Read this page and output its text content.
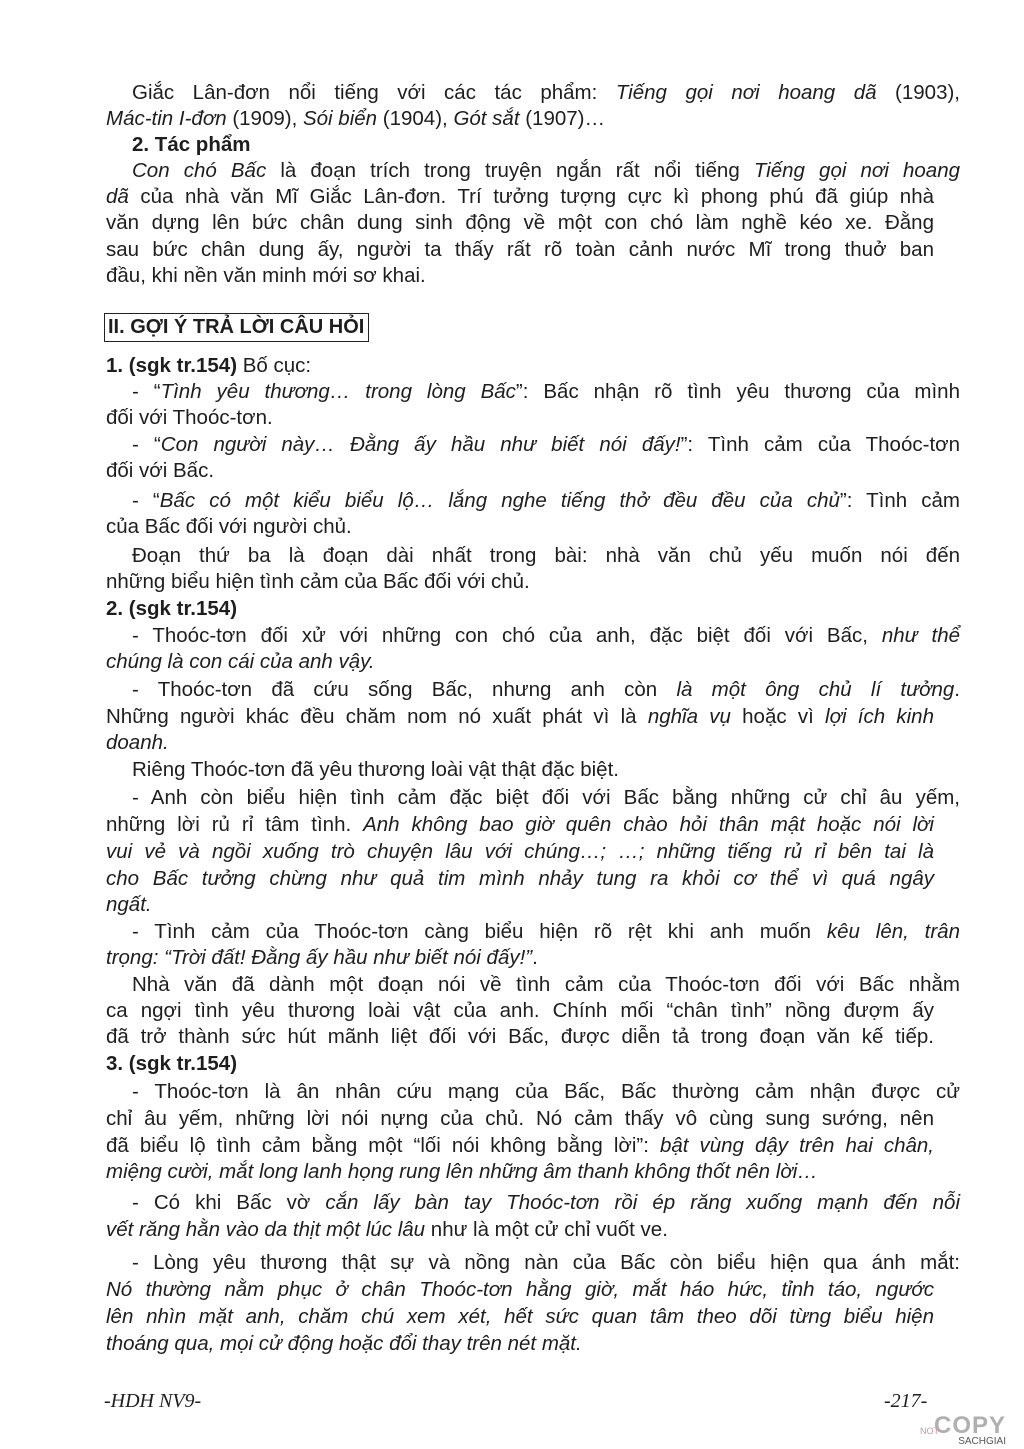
Giắc Lân-đơn nổi tiếng với các tác phẩm: Tiếng gọi nơi hoang dã (1903),
Mác-tin I-đơn (1909), Sói biển (1904), Gót sắt (1907)…
2. Tác phẩm
Con chó Bấc là đoạn trích trong truyện ngắn rất nổi tiếng Tiếng gọi nơi hoang
dã của nhà văn Mĩ Giắc Lân-đơn. Trí tưởng tượng cực kì phong phú đã giúp nhà
văn dựng lên bức chân dung sinh động về một con chó làm nghề kéo xe. Đằng
sau bức chân dung ấy, người ta thấy rất rõ toàn cảnh nước Mĩ trong thuở ban
đầu, khi nền văn minh mới sơ khai.
II. GỢI Ý TRẢ LỜI CÂU HỎI
1. (sgk tr.154) Bố cục:
- “Tình yêu thương… trong lòng Bấc”: Bấc nhận rõ tình yêu thương của mình
đối với Thoóc-tơn.
- “Con người này… Đằng ấy hầu như biết nói đấy!”: Tình cảm của Thoóc-tơn
đối với Bấc.
- “Bấc có một kiểu biểu lộ… lắng nghe tiếng thở đều đều của chủ”: Tình cảm
của Bấc đối với người chủ.
Đoạn thứ ba là đoạn dài nhất trong bài: nhà văn chủ yếu muốn nói đến
những biểu hiện tình cảm của Bấc đối với chủ.
2. (sgk tr.154)
- Thoóc-tơn đối xử với những con chó của anh, đặc biệt đối với Bấc, như thể
chúng là con cái của anh vậy.
- Thoóc-tơn đã cứu sống Bấc, nhưng anh còn là một ông chủ lí tưởng.
Những người khác đều chăm nom nó xuất phát vì là nghĩa vụ hoặc vì lợi ích kinh
doanh.
Riêng Thoóc-tơn đã yêu thương loài vật thật đặc biệt.
- Anh còn biểu hiện tình cảm đặc biệt đối với Bấc bằng những cử chỉ âu yếm,
những lời rủ rỉ tâm tình. Anh không bao giờ quên chào hỏi thân mật hoặc nói lời
vui vẻ và ngồi xuống trò chuyện lâu với chúng…; …; những tiếng rủ rỉ bên tai là
cho Bấc tưởng chừng như quả tim mình nhảy tung ra khỏi cơ thể vì quá ngây
ngất.
- Tình cảm của Thoóc-tơn càng biểu hiện rõ rệt khi anh muốn kêu lên, trân
trọng: “Trời đất! Đằng ấy hầu như biết nói đấy!”.
Nhà văn đã dành một đoạn nói về tình cảm của Thoóc-tơn đối với Bấc nhằm
ca ngợi tình yêu thương loài vật của anh. Chính mối “chân tình” nồng đượm ấy
đã trở thành sức hút mãnh liệt đối với Bấc, được diễn tả trong đoạn văn kế tiếp.
3. (sgk tr.154)
- Thoóc-tơn là ân nhân cứu mạng của Bấc, Bấc thường cảm nhận được cử
chỉ âu yếm, những lời nói nựng của chủ. Nó cảm thấy vô cùng sung sướng, nên
đã biểu lộ tình cảm bằng một “lối nói không bằng lời”: bật vùng dậy trên hai chân,
miệng cười, mắt long lanh họng rung lên những âm thanh không thốt nên lời…
- Có khi Bấc vờ cắn lấy bàn tay Thoóc-tơn rồi ép răng xuống mạnh đến nỗi
vết răng hằn vào da thịt một lúc lâu như là một cử chỉ vuốt ve.
- Lòng yêu thương thật sự và nồng nàn của Bấc còn biểu hiện qua ánh mắt:
Nó thường nằm phục ở chân Thoóc-tơn hằng giờ, mắt háo hức, tỉnh táo, ngước
lên nhìn mặt anh, chăm chú xem xét, hết sức quan tâm theo dõi từng biểu hiện
thoáng qua, mọi cử động hoặc đổi thay trên nét mặt.
-HDH NV9-	-217-
NOT
COPY
SACHGIAI
